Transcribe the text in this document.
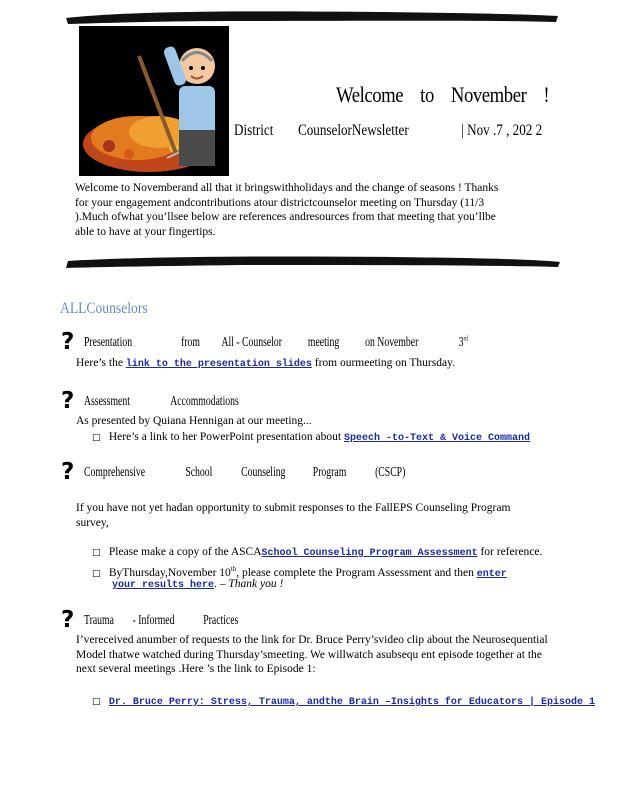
Welcome to November !
District CounselorNewsletter	| Nov .7 , 202 2
Welcome to Novemberand all that it bringswithholidays and the change of seasons ! Thanks for your engagement andcontributions atour districtcounselor meeting on Thursday (11/3 ).Much ofwhat you’llsee below are references andresources from that meeting that you’llbe able to have at your fingertips.
ALLCounselors
? Presentation	from All - Counselor meeting on November	3rd
Here’s the link to the presentation slides from ourmeeting on Thursday.
? Assessment	Accommodations
As presented by Quiana Hennigan at our meeting...
□ Here’s a link to her PowerPoint presentation about Speech -to-Text & Voice Command
? Comprehensive	School Counseling Program (CSCP)
If you have not yet hadan opportunity to submit responses to the FallEPS Counseling Program survey,
□ Please make a copy of the ASCASchool Counseling Program Assessment for reference.
□ ByThursday,November 10th, please complete the Program Assessment and then enter
your results here. – Thank you !
? Trauma - Informed Practices
I’vereceived anumber of requests to the link for Dr. Bruce Perry’svideo clip about the Neurosequential Model thatwe watched during Thursday’smeeting. We willwatch asubsequ ent episode together at the next several meetings .Here ’s the link to Episode 1:
□ Dr. Bruce Perry: Stress, Trauma, andthe Brain –Insights for Educators | Episode 1
